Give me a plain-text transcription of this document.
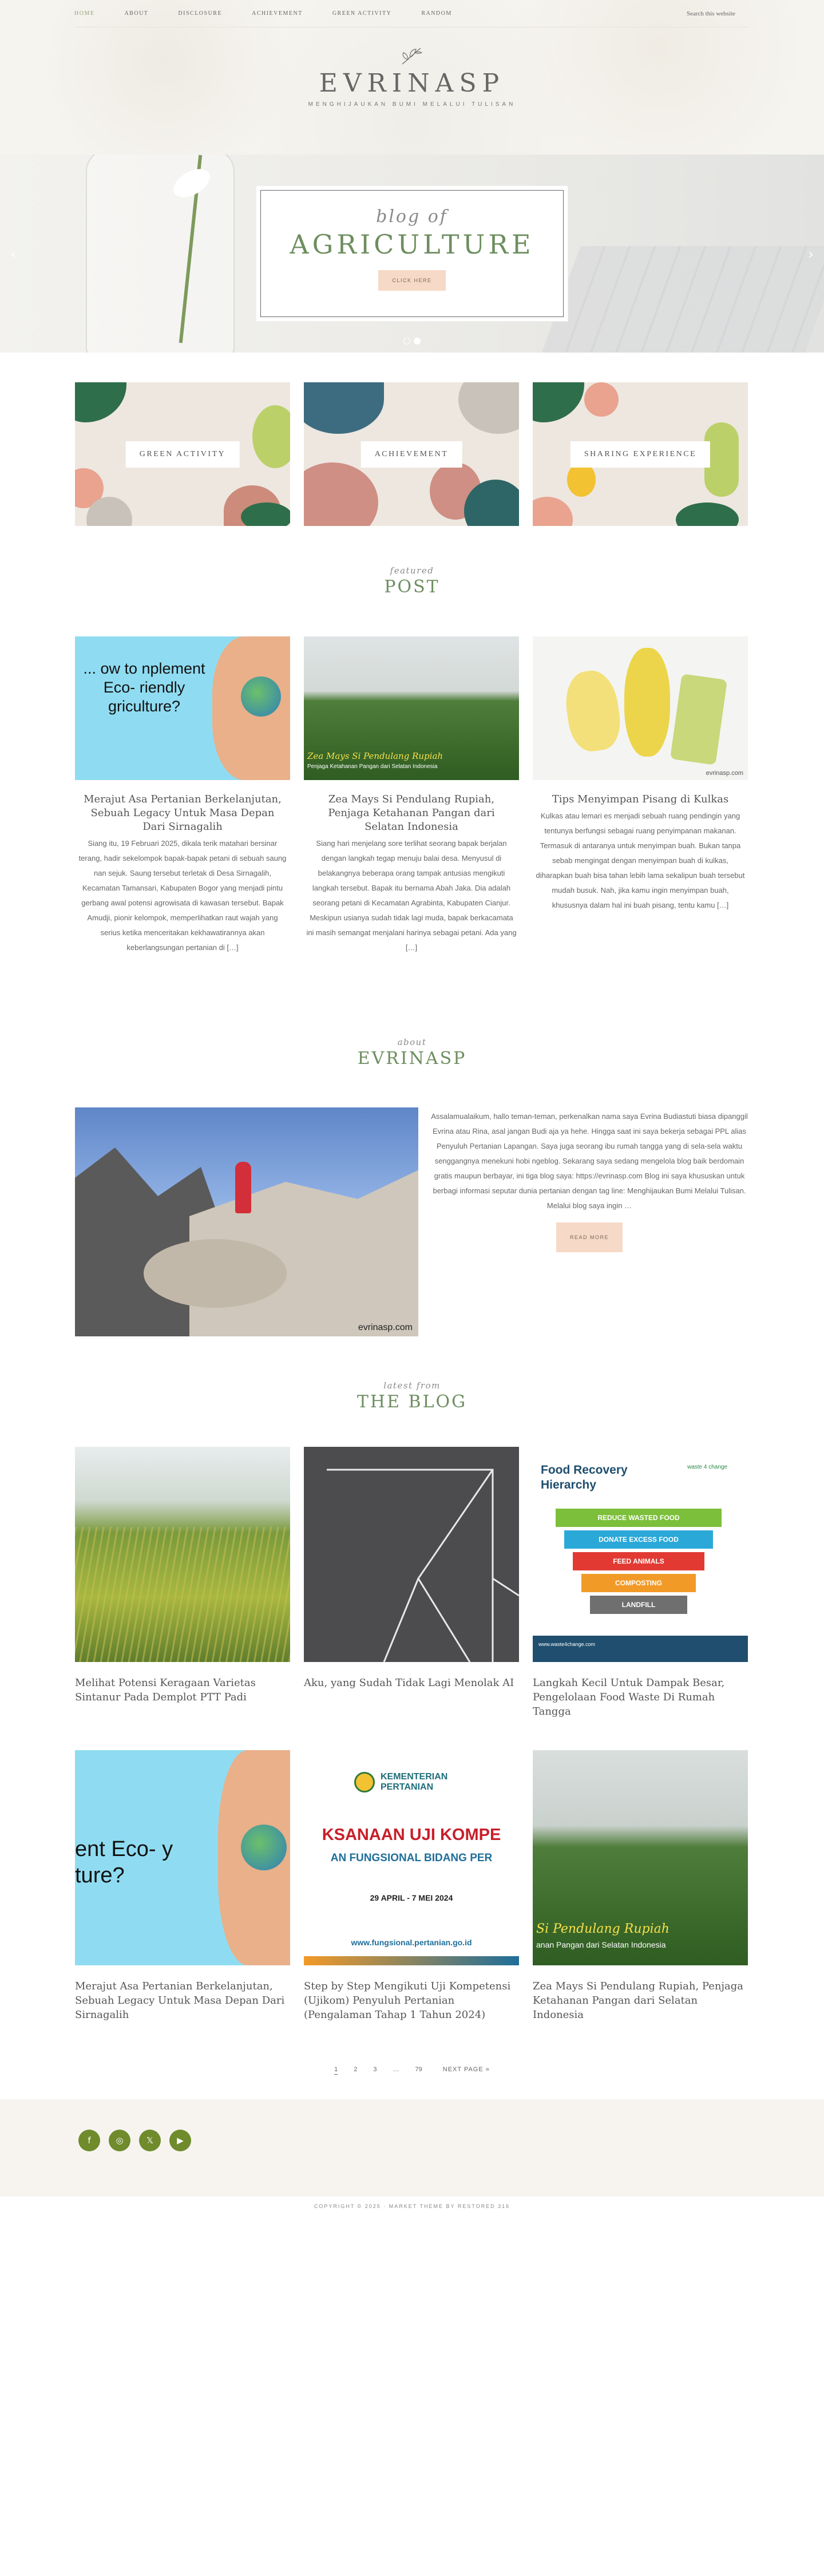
HOME	ABOUT	DISCLOSURE	ACHIEVEMENT	GREEN ACTIVITY	RANDOM	Search this website
EVRINASP
MENGHIJAUKAN BUMI MELALUI TULISAN
‹	›
blog of
AGRICULTURE
CLICK HERE
GREEN ACTIVITY	ACHIEVEMENT	SHARING EXPERIENCE
featured
POST
... ow to nplement Eco- riendly griculture?
Merajut Asa Pertanian Berkelanjutan, Sebuah Legacy Untuk Masa Depan Dari Sirnagalih
Siang itu, 19 Februari 2025, dikala terik matahari bersinar terang, hadir sekelompok bapak-bapak petani di sebuah saung nan sejuk. Saung tersebut terletak di Desa Sirnagalih, Kecamatan Tamansari, Kabupaten Bogor yang menjadi pintu gerbang awal potensi agrowisata di kawasan tersebut. Bapak Amudji, pionir kelompok, memperlihatkan raut wajah yang serius ketika menceritakan kekhawatirannya akan keberlangsungan pertanian di […]
Zea Mays Si Pendulang Rupiah
Penjaga Ketahanan Pangan dari Selatan Indonesia
Zea Mays Si Pendulang Rupiah, Penjaga Ketahanan Pangan dari Selatan Indonesia
Siang hari menjelang sore terlihat seorang bapak berjalan dengan langkah tegap menuju balai desa. Menyusul di belakangnya beberapa orang tampak antusias mengikuti langkah tersebut. Bapak itu bernama Abah Jaka. Dia adalah seorang petani di Kecamatan Agrabinta, Kabupaten Cianjur. Meskipun usianya sudah tidak lagi muda, bapak berkacamata ini masih semangat menjalani harinya sebagai petani. Ada yang […]
evrinasp.com
Tips Menyimpan Pisang di Kulkas
Kulkas atau lemari es menjadi sebuah ruang pendingin yang tentunya berfungsi sebagai ruang penyimpanan makanan. Termasuk di antaranya untuk menyimpan buah. Bukan tanpa sebab mengingat dengan menyimpan buah di kulkas, diharapkan buah bisa tahan lebih lama sekalipun buah tersebut mudah busuk. Nah, jika kamu ingin menyimpan buah, khususnya dalam hal ini buah pisang, tentu kamu […]
about
EVRINASP
evrinasp.com

Assalamualaikum, hallo teman-teman, perkenalkan nama saya Evrina Budiastuti biasa dipanggil Evrina atau Rina, asal jangan Budi aja ya hehe. Hingga saat ini saya bekerja sebagai PPL alias Penyuluh Pertanian Lapangan. Saya juga seorang ibu rumah tangga yang di sela-sela waktu senggangnya menekuni hobi ngeblog. Sekarang saya sedang mengelola blog baik berdomain gratis maupun berbayar, ini tiga blog saya: https://evrinasp.com Blog ini saya khususkan untuk berbagi informasi seputar dunia pertanian dengan tag line: Menghijaukan Bumi Melalui Tulisan. Melalui blog saya ingin …

READ MORE
latest from
THE BLOG
Melihat Potensi Keragaan Varietas Sintanur Pada Demplot PTT Padi
Aku, yang Sudah Tidak Lagi Menolak AI
Food Recovery Hierarchy
waste 4 change
REDUCE WASTED FOOD
DONATE EXCESS FOOD
FEED ANIMALS
COMPOSTING
LANDFILL
www.waste4change.com
Langkah Kecil Untuk Dampak Besar, Pengelolaan Food Waste Di Rumah Tangga
ent Eco- y ture?
Merajut Asa Pertanian Berkelanjutan, Sebuah Legacy Untuk Masa Depan Dari Sirnagalih
KEMENTERIAN
PERTANIAN
KSANAAN UJI KOMPE
AN FUNGSIONAL BIDANG PER
29 APRIL - 7 MEI 2024
www.fungsional.pertanian.go.id
Step by Step Mengikuti Uji Kompetensi (Ujikom) Penyuluh Pertanian (Pengalaman Tahap 1 Tahun 2024)
Si Pendulang Rupiah
anan Pangan dari Selatan Indonesia
Zea Mays Si Pendulang Rupiah, Penjaga Ketahanan Pangan dari Selatan Indonesia
1	2	3	…	79	NEXT PAGE »
f	◎	𝕏	▶
COPYRIGHT © 2025 · MARKET THEME BY RESTORED 316
